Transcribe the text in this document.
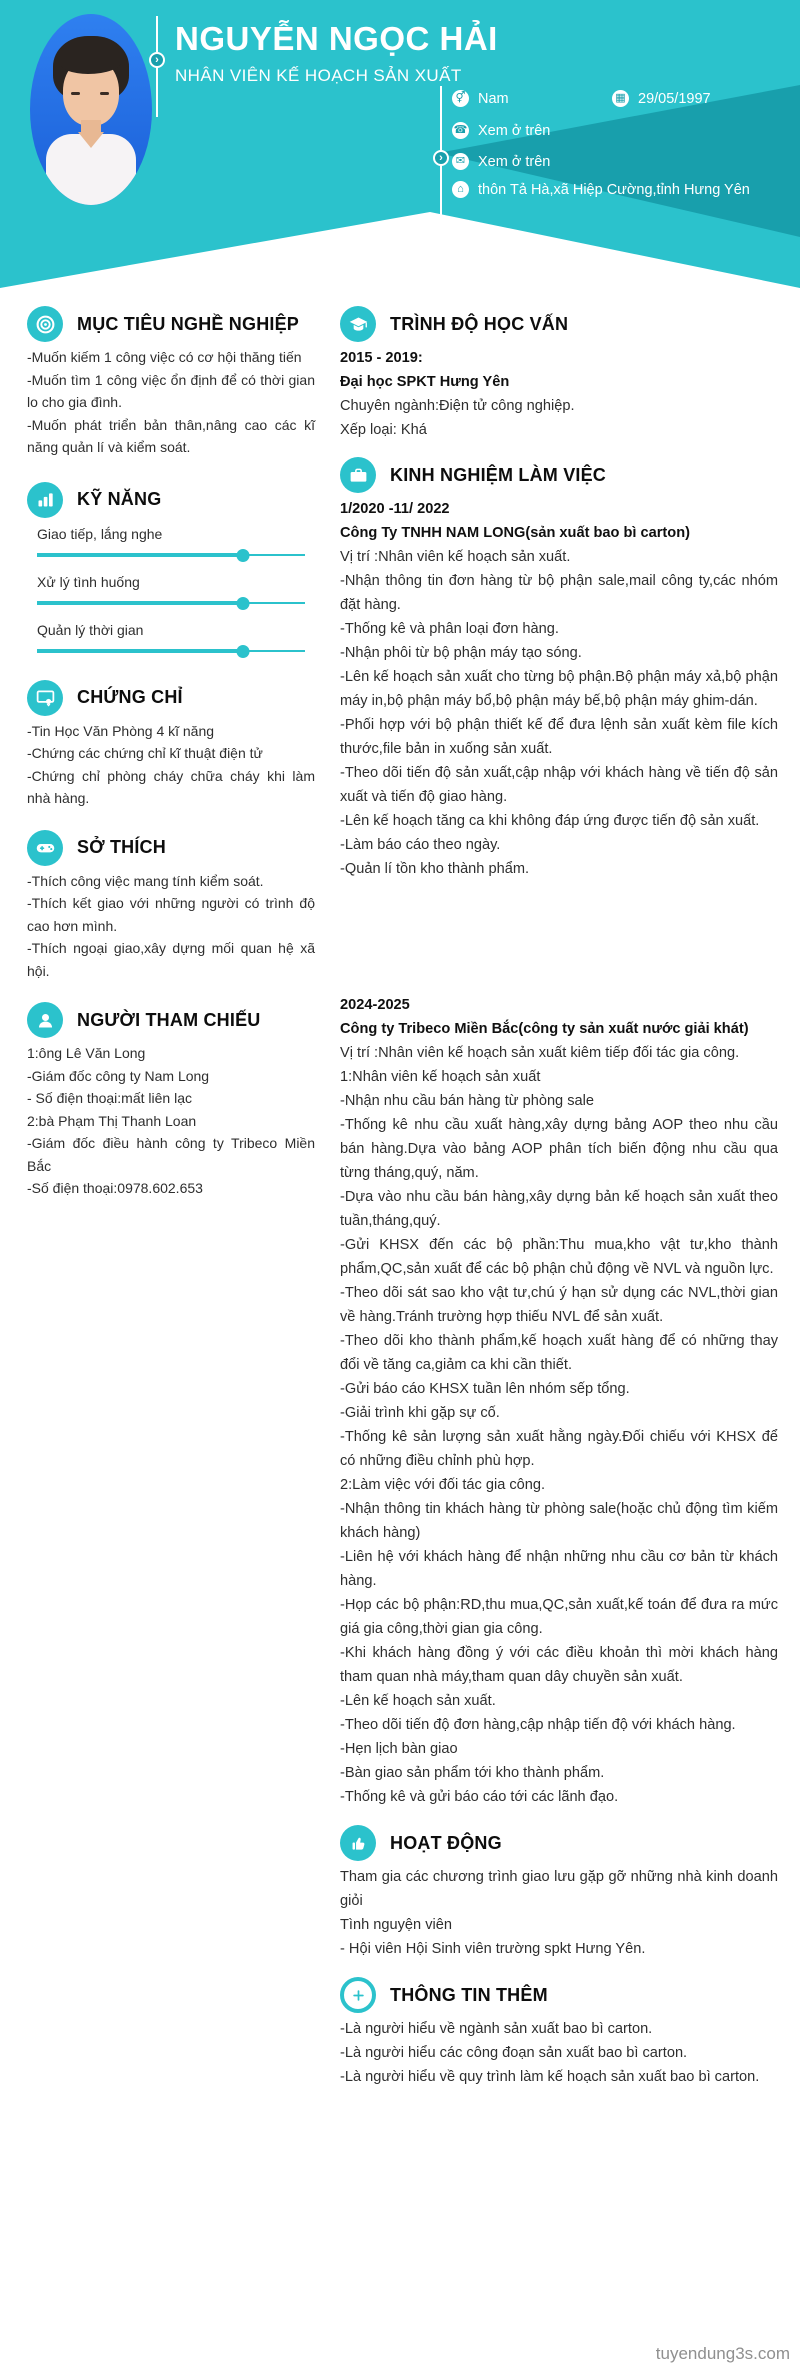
›
NGUYỄN NGỌC HẢI
NHÂN VIÊN KẾ HOẠCH SẢN XUẤT
›
⚥ Nam	▦ 29/05/1997
☎ Xem ở trên
✉ Xem ở trên
⌂ thôn Tả Hà,xã Hiệp Cường,tỉnh Hưng Yên
MỤC TIÊU NGHỀ NGHIỆP
-Muốn kiếm 1 công việc có cơ hội thăng tiến
-Muốn tìm 1 công việc ổn định để có thời gian lo cho gia đình.
-Muốn phát triển bản thân,nâng cao các kĩ năng quản lí và kiểm soát.
KỸ NĂNG
Giao tiếp, lắng nghe
Xử lý tình huống
Quản lý thời gian
CHỨNG CHỈ
-Tin Học Văn Phòng 4 kĩ năng
-Chứng các chứng chỉ kĩ thuật điện tử
-Chứng chỉ phòng cháy chữa cháy khi làm nhà hàng.
SỞ THÍCH
-Thích công việc mang tính kiểm soát.
-Thích kết giao với những người có trình độ cao hơn mình.
-Thích ngoại giao,xây dựng mối quan hệ xã hội.
NGƯỜI THAM CHIẾU
1:ông Lê Văn Long
-Giám đốc công ty Nam Long
- Số điện thoại:mất liên lạc
2:bà Phạm Thị Thanh Loan
-Giám đốc điều hành công ty Tribeco Miền Bắc
-Số điện thoại:0978.602.653
TRÌNH ĐỘ HỌC VẤN
2015 - 2019:
Đại học SPKT Hưng Yên
Chuyên ngành:Điện tử công nghiệp.
Xếp loại: Khá
KINH NGHIỆM LÀM VIỆC
1/2020 -11/ 2022
Công Ty TNHH NAM LONG(sản xuất bao bì carton)
Vị trí :Nhân viên kế hoạch sản xuất.
-Nhận thông tin đơn hàng từ bộ phận sale,mail công ty,các nhóm đặt hàng.
-Thống kê và phân loại đơn hàng.
-Nhận phôi từ bộ phận máy tạo sóng.
-Lên kế hoạch sản xuất cho từng bộ phận.Bộ phận máy xả,bộ phận máy in,bộ phận máy bổ,bộ phận máy bế,bộ phận máy ghim-dán.
-Phối hợp với bộ phận thiết kế để đưa lệnh sản xuất kèm file kích thước,file bản in xuống sản xuất.
-Theo dõi tiến độ sản xuất,cập nhập với khách hàng về tiến độ sản xuất và tiến độ giao hàng.
-Lên kế hoạch tăng ca khi không đáp ứng được tiến độ sản xuất.
-Làm báo cáo theo ngày.
-Quản lí tồn kho thành phẩm.
2024-2025
Công ty Tribeco Miền Bắc(công ty sản xuất nước giải khát)
Vị trí :Nhân viên kế hoạch sản xuất kiêm tiếp đối tác gia công.
1:Nhân viên kế hoạch sản xuất
-Nhận nhu cầu bán hàng từ phòng sale
-Thống kê nhu cầu xuất hàng,xây dựng bảng AOP theo nhu cầu bán hàng.Dựa vào bảng AOP phân tích biến động nhu cầu qua từng tháng,quý, năm.
-Dựa vào nhu cầu bán hàng,xây dựng bản kế hoạch sản xuất theo tuần,tháng,quý.
-Gửi KHSX đến các bộ phần:Thu mua,kho vật tư,kho thành phẩm,QC,sản xuất để các bộ phận chủ động về NVL và nguồn lực.
-Theo dõi sát sao kho vật tư,chú ý hạn sử dụng các NVL,thời gian về hàng.Tránh trường hợp thiếu NVL để sản xuất.
-Theo dõi kho thành phẩm,kế hoạch xuất hàng để có những thay đổi về tăng ca,giảm ca khi cần thiết.
-Gửi báo cáo KHSX tuần lên nhóm sếp tổng.
-Giải trình khi gặp sự cố.
-Thống kê sản lượng sản xuất hằng ngày.Đối chiếu với KHSX để có những điều chỉnh phù hợp.
2:Làm việc với đối tác gia công.
-Nhận thông tin khách hàng từ phòng sale(hoặc chủ động tìm kiếm khách hàng)
-Liên hệ với khách hàng để nhận những nhu cầu cơ bản từ khách hàng.
-Họp các bộ phận:RD,thu mua,QC,sản xuất,kế toán để đưa ra mức giá gia công,thời gian gia công.
-Khi khách hàng đồng ý với các điều khoản thì mời khách hàng tham quan nhà máy,tham quan dây chuyền sản xuất.
-Lên kế hoạch sản xuất.
-Theo dõi tiến độ đơn hàng,cập nhập tiến độ với khách hàng.
-Hẹn lịch bàn giao
-Bàn giao sản phẩm tới kho thành phẩm.
-Thống kê và gửi báo cáo tới các lãnh đạo.
HOẠT ĐỘNG
Tham gia các chương trình giao lưu gặp gỡ những nhà kinh doanh giỏi
Tình nguyện viên
- Hội viên Hội Sinh viên trường spkt Hưng Yên.
THÔNG TIN THÊM
-Là người hiểu về ngành sản xuất bao bì carton.
-Là người hiểu các công đoạn sản xuất bao bì carton.
-Là người hiểu về quy trình làm kế hoạch sản xuất bao bì carton.
tuyendung3s.com
